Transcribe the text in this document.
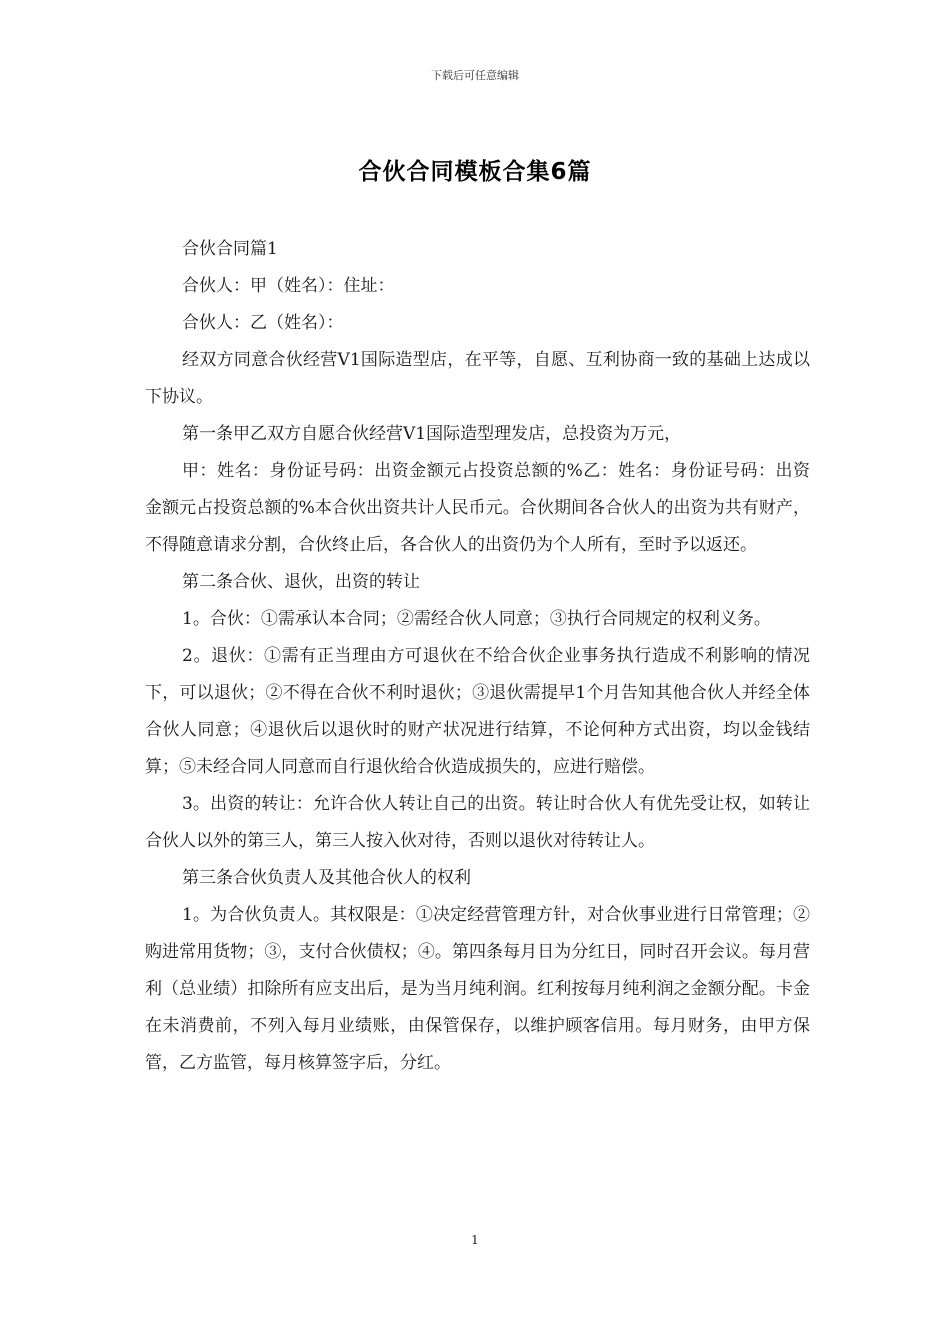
下载后可任意编辑
合伙合同模板合集6篇

合伙合同篇1

合伙人：甲（姓名）：住址：

合伙人：乙（姓名）：

经双方同意合伙经营V1国际造型店，在平等，自愿、互利协商一致的基础上达成以下协议。

第一条甲乙双方自愿合伙经营V1国际造型理发店，总投资为万元，

甲：姓名：身份证号码：出资金额元占投资总额的%乙：姓名：身份证号码：出资金额元占投资总额的%本合伙出资共计人民币元。合伙期间各合伙人的出资为共有财产，不得随意请求分割，合伙终止后，各合伙人的出资仍为个人所有，至时予以返还。

第二条合伙、退伙，出资的转让

1。合伙：①需承认本合同；②需经合伙人同意；③执行合同规定的权利义务。

2。退伙：①需有正当理由方可退伙在不给合伙企业事务执行造成不利影响的情况下，可以退伙；②不得在合伙不利时退伙；③退伙需提早1个月告知其他合伙人并经全体合伙人同意；④退伙后以退伙时的财产状况进行结算，不论何种方式出资，均以金钱结算；⑤未经合同人同意而自行退伙给合伙造成损失的，应进行赔偿。

3。出资的转让：允许合伙人转让自己的出资。转让时合伙人有优先受让权，如转让合伙人以外的第三人，第三人按入伙对待，否则以退伙对待转让人。

第三条合伙负责人及其他合伙人的权利

1。为合伙负责人。其权限是：①决定经营管理方针，对合伙事业进行日常管理；②购进常用货物；③，支付合伙债权；④。第四条每月日为分红日，同时召开会议。每月营利（总业绩）扣除所有应支出后，是为当月纯利润。红利按每月纯利润之金额分配。卡金在未消费前，不列入每月业绩账，由保管保存，以维护顾客信用。每月财务，由甲方保管，乙方监管，每月核算签字后，分红。

1
